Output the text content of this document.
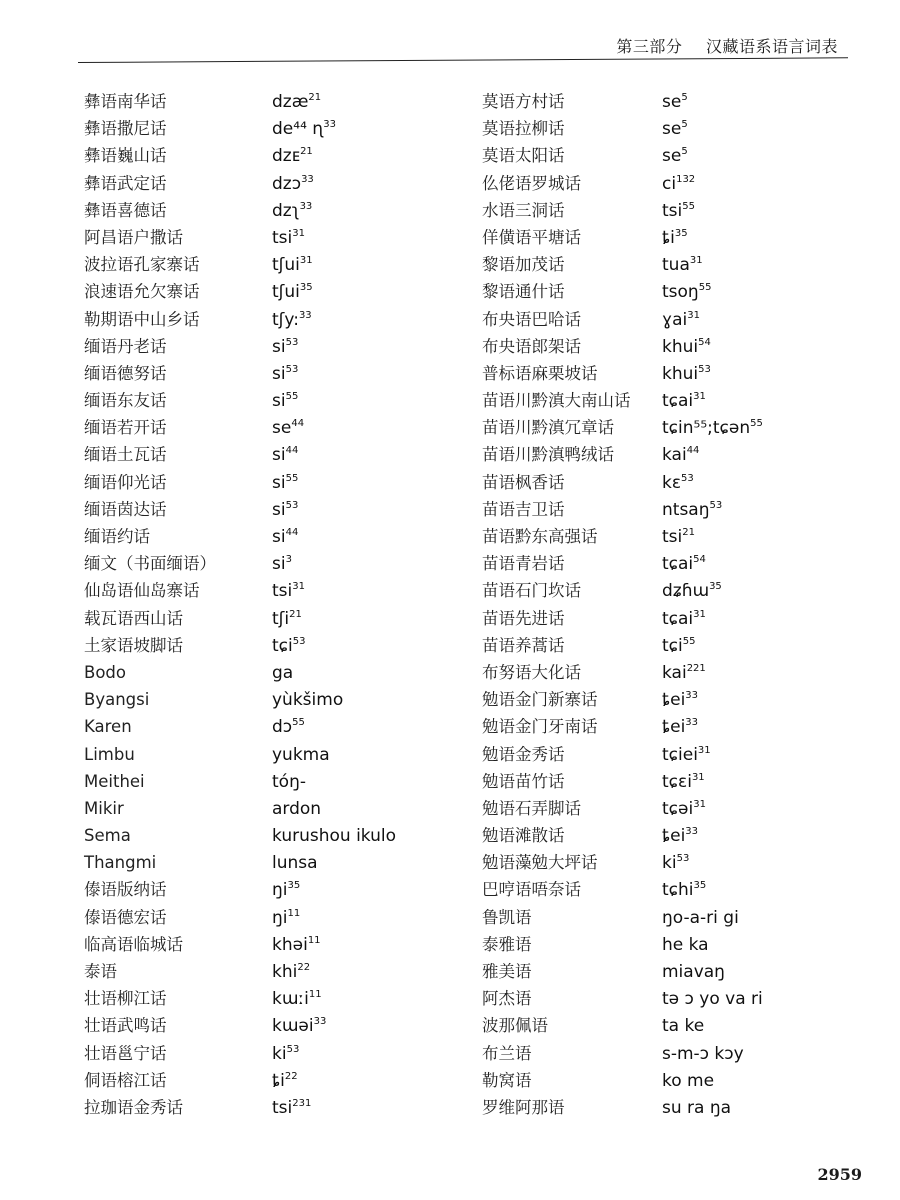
第三部分 汉藏语系语言词表
彝语南华话	dzæ$^{21}$
彝语撒尼话	de⁴⁴ ɳ$^{33}$
彝语巍山话	dzᴇ$^{21}$
彝语武定话	dzɔ$^{33}$
彝语喜德话	dzʅ$^{33}$
阿昌语户撒话	tsi$^{31}$
波拉语孔家寨话	tʃui$^{31}$
浪速语允欠寨话	tʃui$^{35}$
勒期语中山乡话	tʃy:$^{33}$
缅语丹老话	$si^{53}$
缅语德努话	$si^{53}$
缅语东友话	$si^{55}$
缅语若开话	$se^{44}$
缅语土瓦话	$si^{44}$
缅语仰光话	$si^{55}$
缅语茵达话	$si^{53}$
缅语约话	$si^{44}$
缅文（书面缅语）	$si^3$
仙岛语仙岛寨话	tsi$^{31}$
载瓦语西山话	tʃi$^{21}$
土家语坡脚话	tɕi$^{53}$
Bodo	ga
Byangsi	yùkšimo
Karen	dɔ$^{55}$
Limbu	yukma
Meithei	tóŋ-
Mikir	ardon
Sema	kurushou ikulo
Thangmi	lunsa
傣语版纳话	$ŋi^{35}$
傣语德宏话	$ŋi^{11}$
临高语临城话	khəi$^{11}$
泰语	khi$^{22}$
壮语柳江话	kɯːi$^{11}$
壮语武鸣话	kɯəi$^{33}$
壮语邕宁话	$ki^{53}$
侗语榕江话	$ȶi^{22}$
拉珈语金秀话	tsi$^{231}$
莫语方村话	$se^5$
莫语拉柳话	$se^5$
莫语太阳话	$se^5$
仫佬语罗城话	$ci^{132}$
水语三洞话	tsi$^{55}$
佯僙语平塘话	$ȶi^{35}$
黎语加茂话	tua$^{31}$
黎语通什话	tsoŋ$^{55}$
布央语巴哈话	ɣai$^{31}$
布央语郎架话	khui$^{54}$
普标语麻栗坡话	khui$^{53}$
苗语川黔滇大南山话	tɕai$^{31}$
苗语川黔滇冗章话	tɕin⁵⁵;tɕən$^{55}$
苗语川黔滇鸭绒话	kai$^{44}$
苗语枫香话	kɛ$^{53}$
苗语吉卫话	ntsaŋ$^{53}$
苗语黔东高强话	tsi$^{21}$
苗语青岩话	tɕai$^{54}$
苗语石门坎话	dʑɦɯ$^{35}$
苗语先进话	tɕai$^{31}$
苗语养蒿话	tɕi$^{55}$
布努语大化话	kai$^{221}$
勉语金门新寨话	ȶei$^{33}$
勉语金门牙南话	ȶei$^{33}$
勉语金秀话	tɕiei$^{31}$
勉语苗竹话	tɕɛi$^{31}$
勉语石弄脚话	tɕəi$^{31}$
勉语滩散话	ȶei$^{33}$
勉语藻勉大坪话	$ki^{53}$
巴哼语唔奈话	tɕhi$^{35}$
鲁凯语	ŋo-a-ri gi
泰雅语	he ka
雅美语	miavaŋ
阿杰语	tə ɔ yo va ri
波那佩语	ta ke
布兰语	s-m-ɔ kɔy
勒窝语	ko me
罗维阿那语	su ra ŋa
2959
